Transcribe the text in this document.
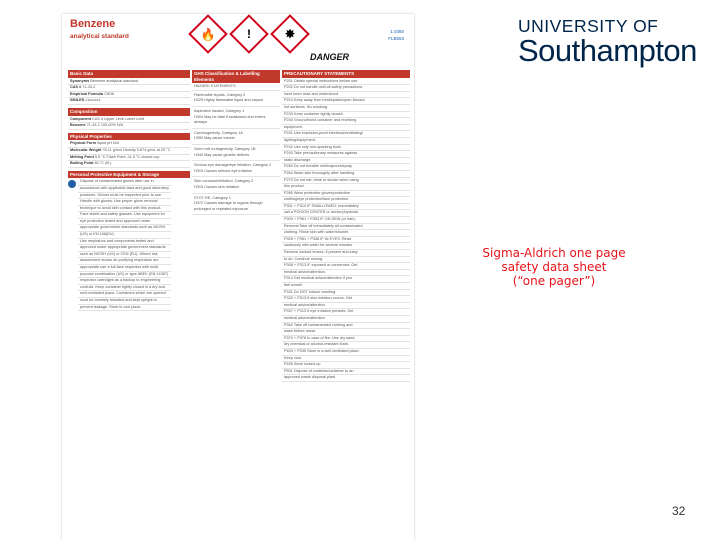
Benzene
analytical standard	🔥	!	✸
DANGER
1.0360
FLB553
Basic Data
Synonyms Benzene analytical standard
CAS # 71-43-2
Empirical Formula C6H6
SMILES c1ccccc1
Composition
Component CAS # Upper Limit Lower Limit
Benzene 71-43-2 100.00% N/A
Physical Properties
Physical Form liquid pH N/A
Molecular Weight 78.11 g/mol Density 0.874 g/mL at 25 °C
Melting Point 5.5 °C Flash Point -11.0 °C closed cup
Boiling Point 80 °C (lit.)
Personal Protective Equipment & Storage
Dispose of contaminated gloves after use in
accordance with applicable laws and good laboratory
practices. Gloves must be inspected prior to use.
Handle with gloves. Use proper glove removal
technique to avoid skin contact with this product.
Face shield and safety glasses. Use equipment for
eye protection tested and approved under
appropriate government standards such as NIOSH
(US) or EN 166(EU).
Use respirators and components tested and
approved under appropriate government standards
such as NIOSH (US) or CEN (EU). Where risk
assessment shows air-purifying respirators are
appropriate use a full-face respirator with multi-
purpose combination (US) or type ABEK (EN 14387)
respirator cartridges as a backup to engineering
controls. Keep container tightly closed in a dry and
well-ventilated place. Containers which are opened
must be carefully resealed and kept upright to
prevent leakage. Store in cool place.
GHS Classification & Labelling Elements
HAZARD STATEMENTS
Flammable liquids, Category 2
H225 Highly flammable liquid and vapour
Aspiration hazard, Category 1
H304 May be fatal if swallowed and enters airways
Carcinogenicity, Category 1A
H350 May cause cancer
Germ cell mutagenicity, Category 1B
H340 May cause genetic defects
Serious eye damage/eye irritation, Category 2
H319 Causes serious eye irritation
Skin corrosion/irritation, Category 2
H315 Causes skin irritation
STOT RE, Category 1
H372 Causes damage to organs through prolonged or repeated exposure
PRECAUTIONARY STATEMENTS
P201 Obtain special instructions before use.
P202 Do not handle until all safety precautions
have been read and understood.
P210 Keep away from heat/sparks/open flames/
hot surfaces. No smoking.
P233 Keep container tightly closed.
P240 Ground/bond container and receiving
equipment.
P241 Use explosion-proof electrical/ventilating/
lighting/equipment.
P242 Use only non-sparking tools.
P243 Take precautionary measures against
static discharge.
P260 Do not breathe mist/vapours/spray.
P264 Wash skin thoroughly after handling.
P270 Do not eat, drink or smoke when using
this product.
P280 Wear protective gloves/protective
clothing/eye protection/face protection.
P301 + P310 IF SWALLOWED: Immediately
call a POISON CENTER or doctor/physician.
P303 + P361 + P353 IF ON SKIN (or hair):
Remove/Take off immediately all contaminated
clothing. Rinse skin with water/shower.
P305 + P351 + P338 IF IN EYES: Rinse
cautiously with water for several minutes.
Remove contact lenses, if present and easy
to do. Continue rinsing.
P308 + P313 IF exposed or concerned: Get
medical advice/attention.
P314 Get medical advice/attention if you
feel unwell.
P331 Do NOT induce vomiting.
P332 + P313 If skin irritation occurs: Get
medical advice/attention.
P337 + P313 If eye irritation persists: Get
medical advice/attention.
P362 Take off contaminated clothing and
wash before reuse.
P370 + P378 In case of fire: Use dry sand,
dry chemical or alcohol-resistant foam.
P403 + P235 Store in a well-ventilated place.
Keep cool.
P405 Store locked up.
P501 Dispose of contents/container to an
approved waste disposal plant.
UNIVERSITY OF
Southampton
Sigma-Aldrich one page
safety data sheet
(“one pager”)
32
